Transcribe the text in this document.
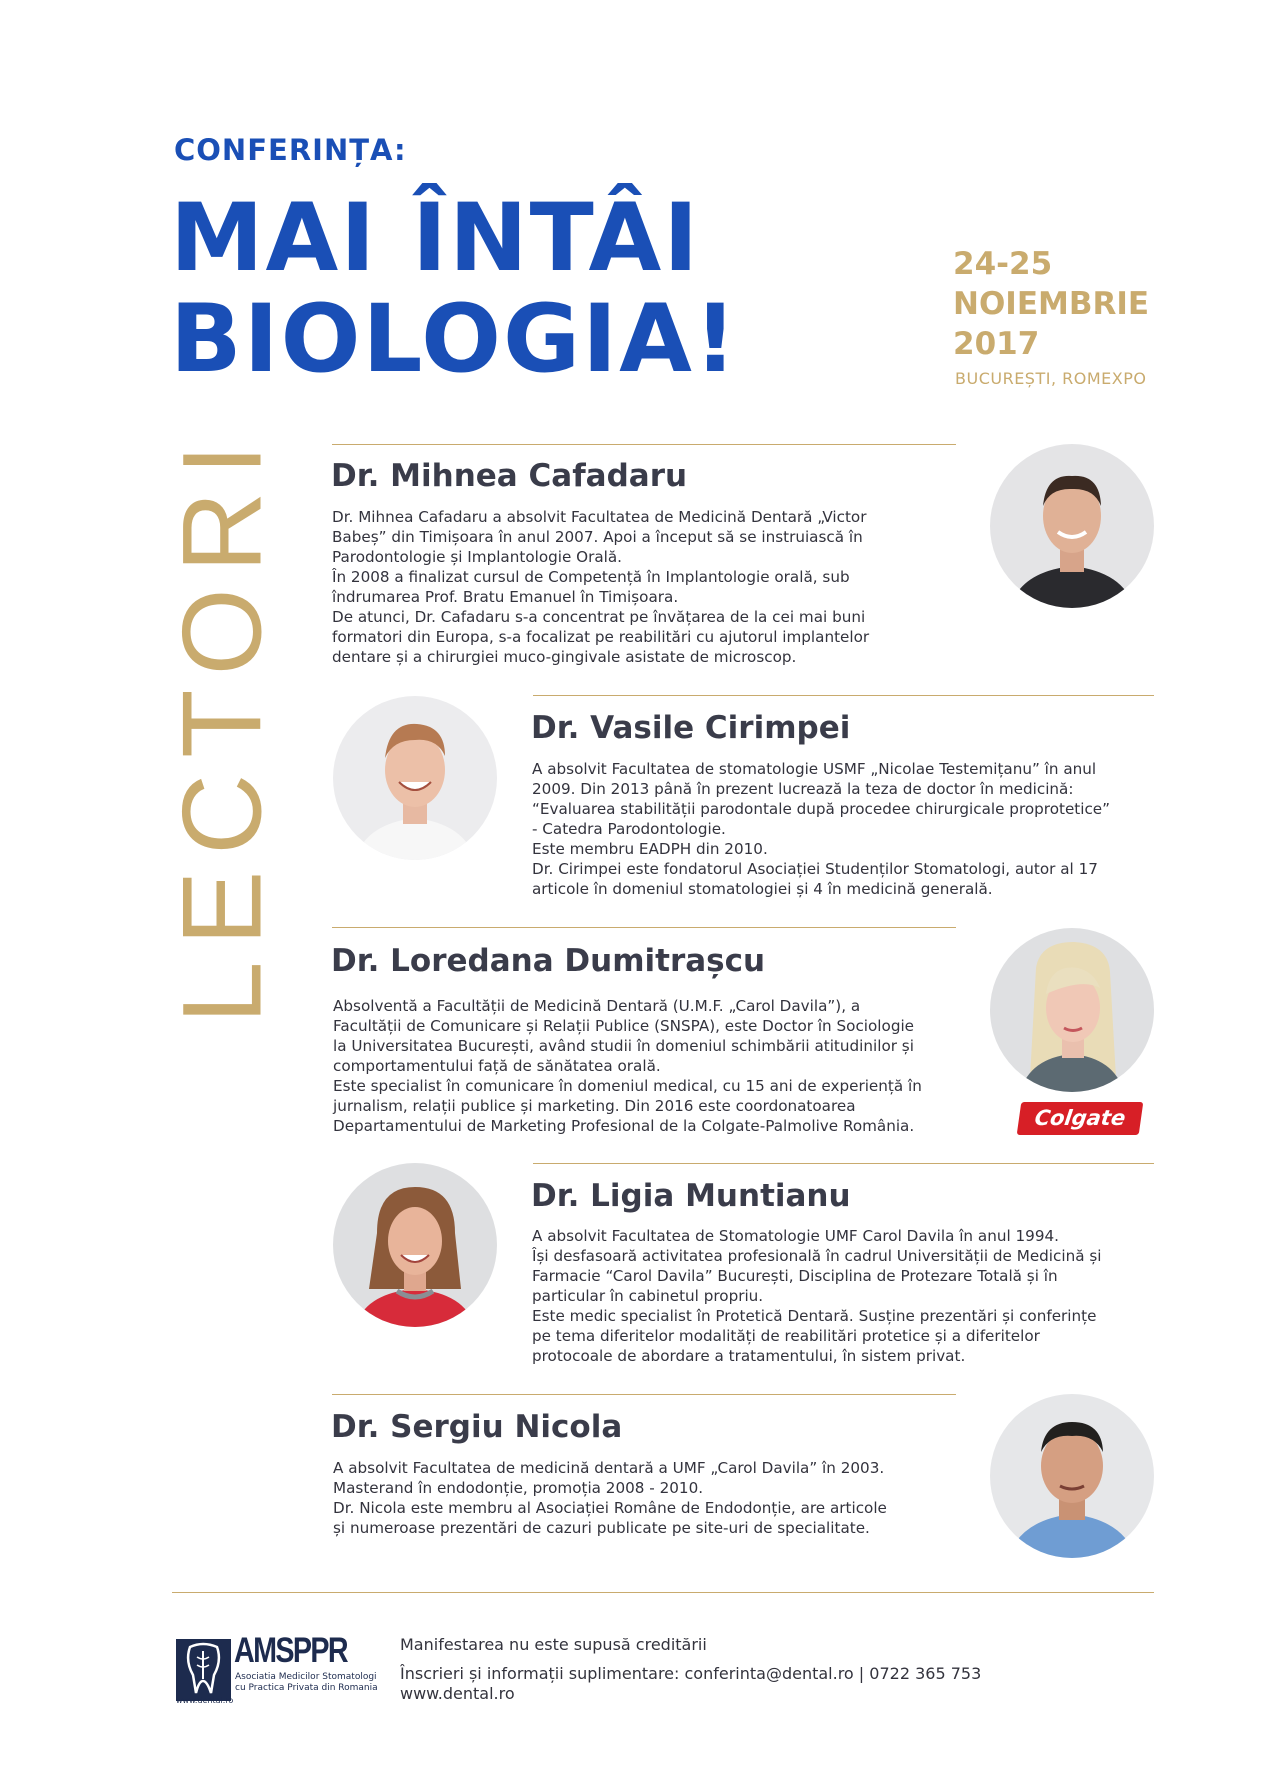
CONFERINȚA:
MAI ÎNTÂI
BIOLOGIA!
24-25
NOIEMBRIE
2017
BUCUREȘTI, ROMEXPO
LECTORI Dr. Mihnea Cafadaru

Dr. Mihnea Cafadaru a absolvit Facultatea de Medicină Dentară „Victor

Babeș” din Timișoara în anul 2007. Apoi a început să se instruiască în

Parodontologie și Implantologie Orală.

În 2008 a finalizat cursul de Competență în Implantologie orală, sub

îndrumarea Prof. Bratu Emanuel în Timișoara.

De atunci, Dr. Cafadaru s-a concentrat pe învățarea de la cei mai buni

formatori din Europa, s-a focalizat pe reabilitări cu ajutorul implantelor

dentare și a chirurgiei muco-gingivale asistate de microscop.

Dr. Vasile Cirimpei

A absolvit Facultatea de stomatologie USMF „Nicolae Testemițanu” în anul

2009. Din 2013 până în prezent lucrează la teza de doctor în medicină:

“Evaluarea stabilității parodontale după procedee chirurgicale proprotetice”

- Catedra Parodontologie.

Este membru EADPH din 2010.

Dr. Cirimpei este fondatorul Asociației Studenților Stomatologi, autor al 17

articole în domeniul stomatologiei și 4 în medicină generală.

Dr. Loredana Dumitrașcu

Absolventă a Facultății de Medicină Dentară (U.M.F. „Carol Davila”), a

Facultății de Comunicare și Relații Publice (SNSPA), este Doctor în Sociologie

la Universitatea București, având studii în domeniul schimbării atitudinilor și

comportamentului față de sănătatea orală.

Este specialist în comunicare în domeniul medical, cu 15 ani de experiență în

jurnalism, relații publice și marketing. Din 2016 este coordonatoarea

Departamentului de Marketing Profesional de la Colgate-Palmolive România.	Colgate
Dr. Ligia Muntianu

A absolvit Facultatea de Stomatologie UMF Carol Davila în anul 1994.

Își desfasoară activitatea profesională în cadrul Universității de Medicină și

Farmacie “Carol Davila” București, Disciplina de Protezare Totală și în

particular în cabinetul propriu.

Este medic specialist în Protetică Dentară. Susține prezentări și conferințe

pe tema diferitelor modalități de reabilitări protetice și a diferitelor

protocoale de abordare a tratamentului, în sistem privat.

Dr. Sergiu Nicola

A absolvit Facultatea de medicină dentară a UMF „Carol Davila” în 2003.

Masterand în endodonție, promoția 2008 - 2010.

Dr. Nicola este membru al Asociației Române de Endodonție, are articole

și numeroase prezentări de cazuri publicate pe site-uri de specialitate.

AMSPPR
Asociatia Medicilor Stomatologi
cu Practica Privata din Romania
www.dental.ro
Manifestarea nu este supusă creditării
Înscrieri și informații suplimentare: conferinta@dental.ro | 0722 365 753
www.dental.ro
